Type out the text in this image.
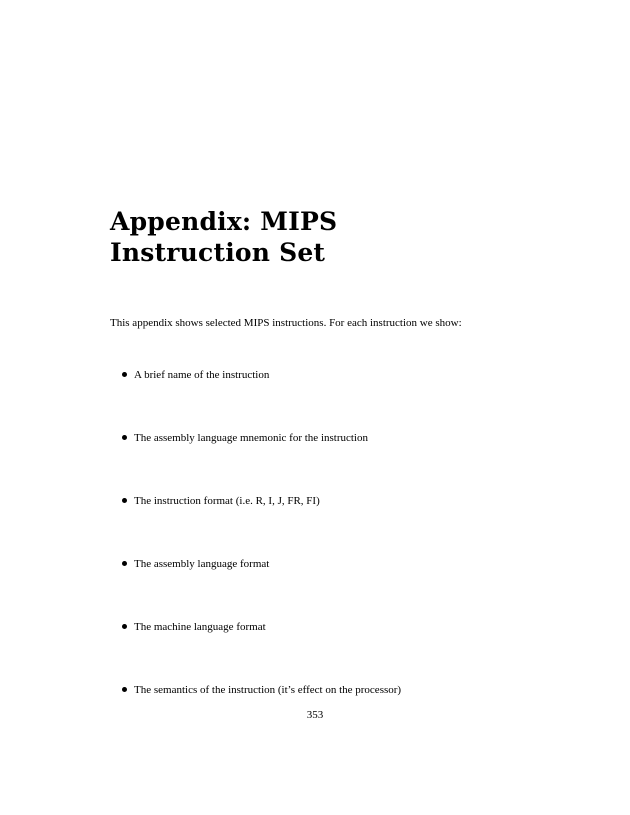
Appendix: MIPS
Instruction Set

This appendix shows selected MIPS instructions. For each instruction we show:

A brief name of the instruction
The assembly language mnemonic for the instruction
The instruction format (i.e. R, I, J, FR, FI)
The assembly language format
The machine language format
The semantics of the instruction (it’s effect on the processor)

353
